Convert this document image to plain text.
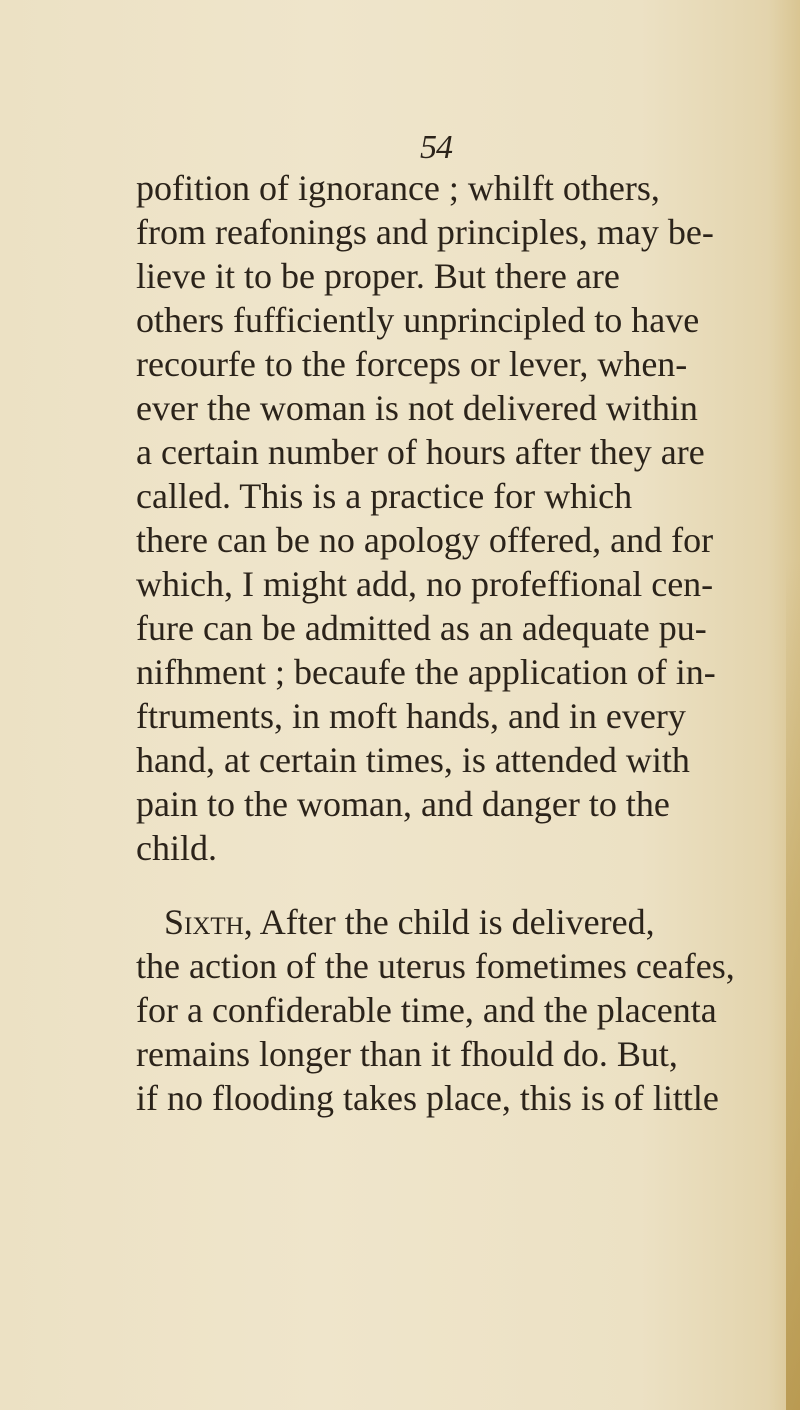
54
pofition of ignorance ; whilft others,
from reafonings and principles, may be-
lieve it to be proper. But there are
others fufficiently unprincipled to have
recourfe to the forceps or lever, when-
ever the woman is not delivered within
a certain number of hours after they are
called. This is a practice for which
there can be no apology offered, and for
which, I might add, no profeffional cen-
fure can be admitted as an adequate pu-
nifhment ; becaufe the application of in-
ftruments, in moft hands, and in every
hand, at certain times, is attended with
pain to the woman, and danger to the
child.
Sixth, After the child is delivered,
the action of the uterus fometimes ceafes,
for a confiderable time, and the placenta
remains longer than it fhould do. But,
if no flooding takes place, this is of little
